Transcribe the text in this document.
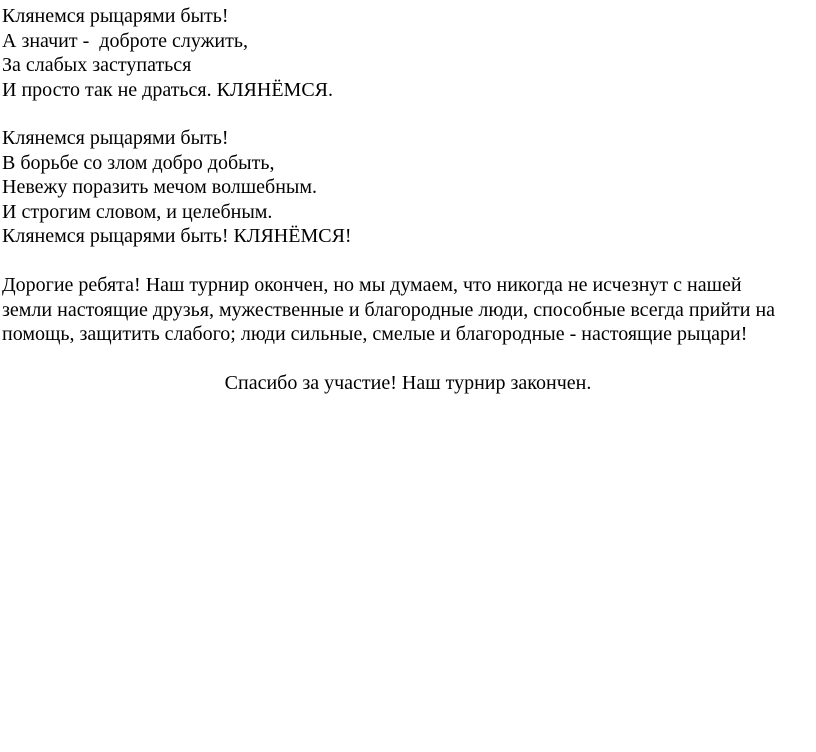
Клянемся рыцарями быть!
А значит -  доброте служить,
За слабых заступаться
И просто так не драться. КЛЯНЁМСЯ.
Клянемся рыцарями быть!
В борьбе со злом добро добыть,
Невежу поразить мечом волшебным.
И строгим словом, и целебным.
Клянемся рыцарями быть! КЛЯНЁМСЯ!
Дорогие ребята! Наш турнир окончен, но мы думаем, что никогда не исчезнут с нашей
земли настоящие друзья, мужественные и благородные люди, способные всегда прийти на
помощь, защитить слабого; люди сильные, смелые и благородные - настоящие рыцари!

Спасибо за участие! Наш турнир закончен.
